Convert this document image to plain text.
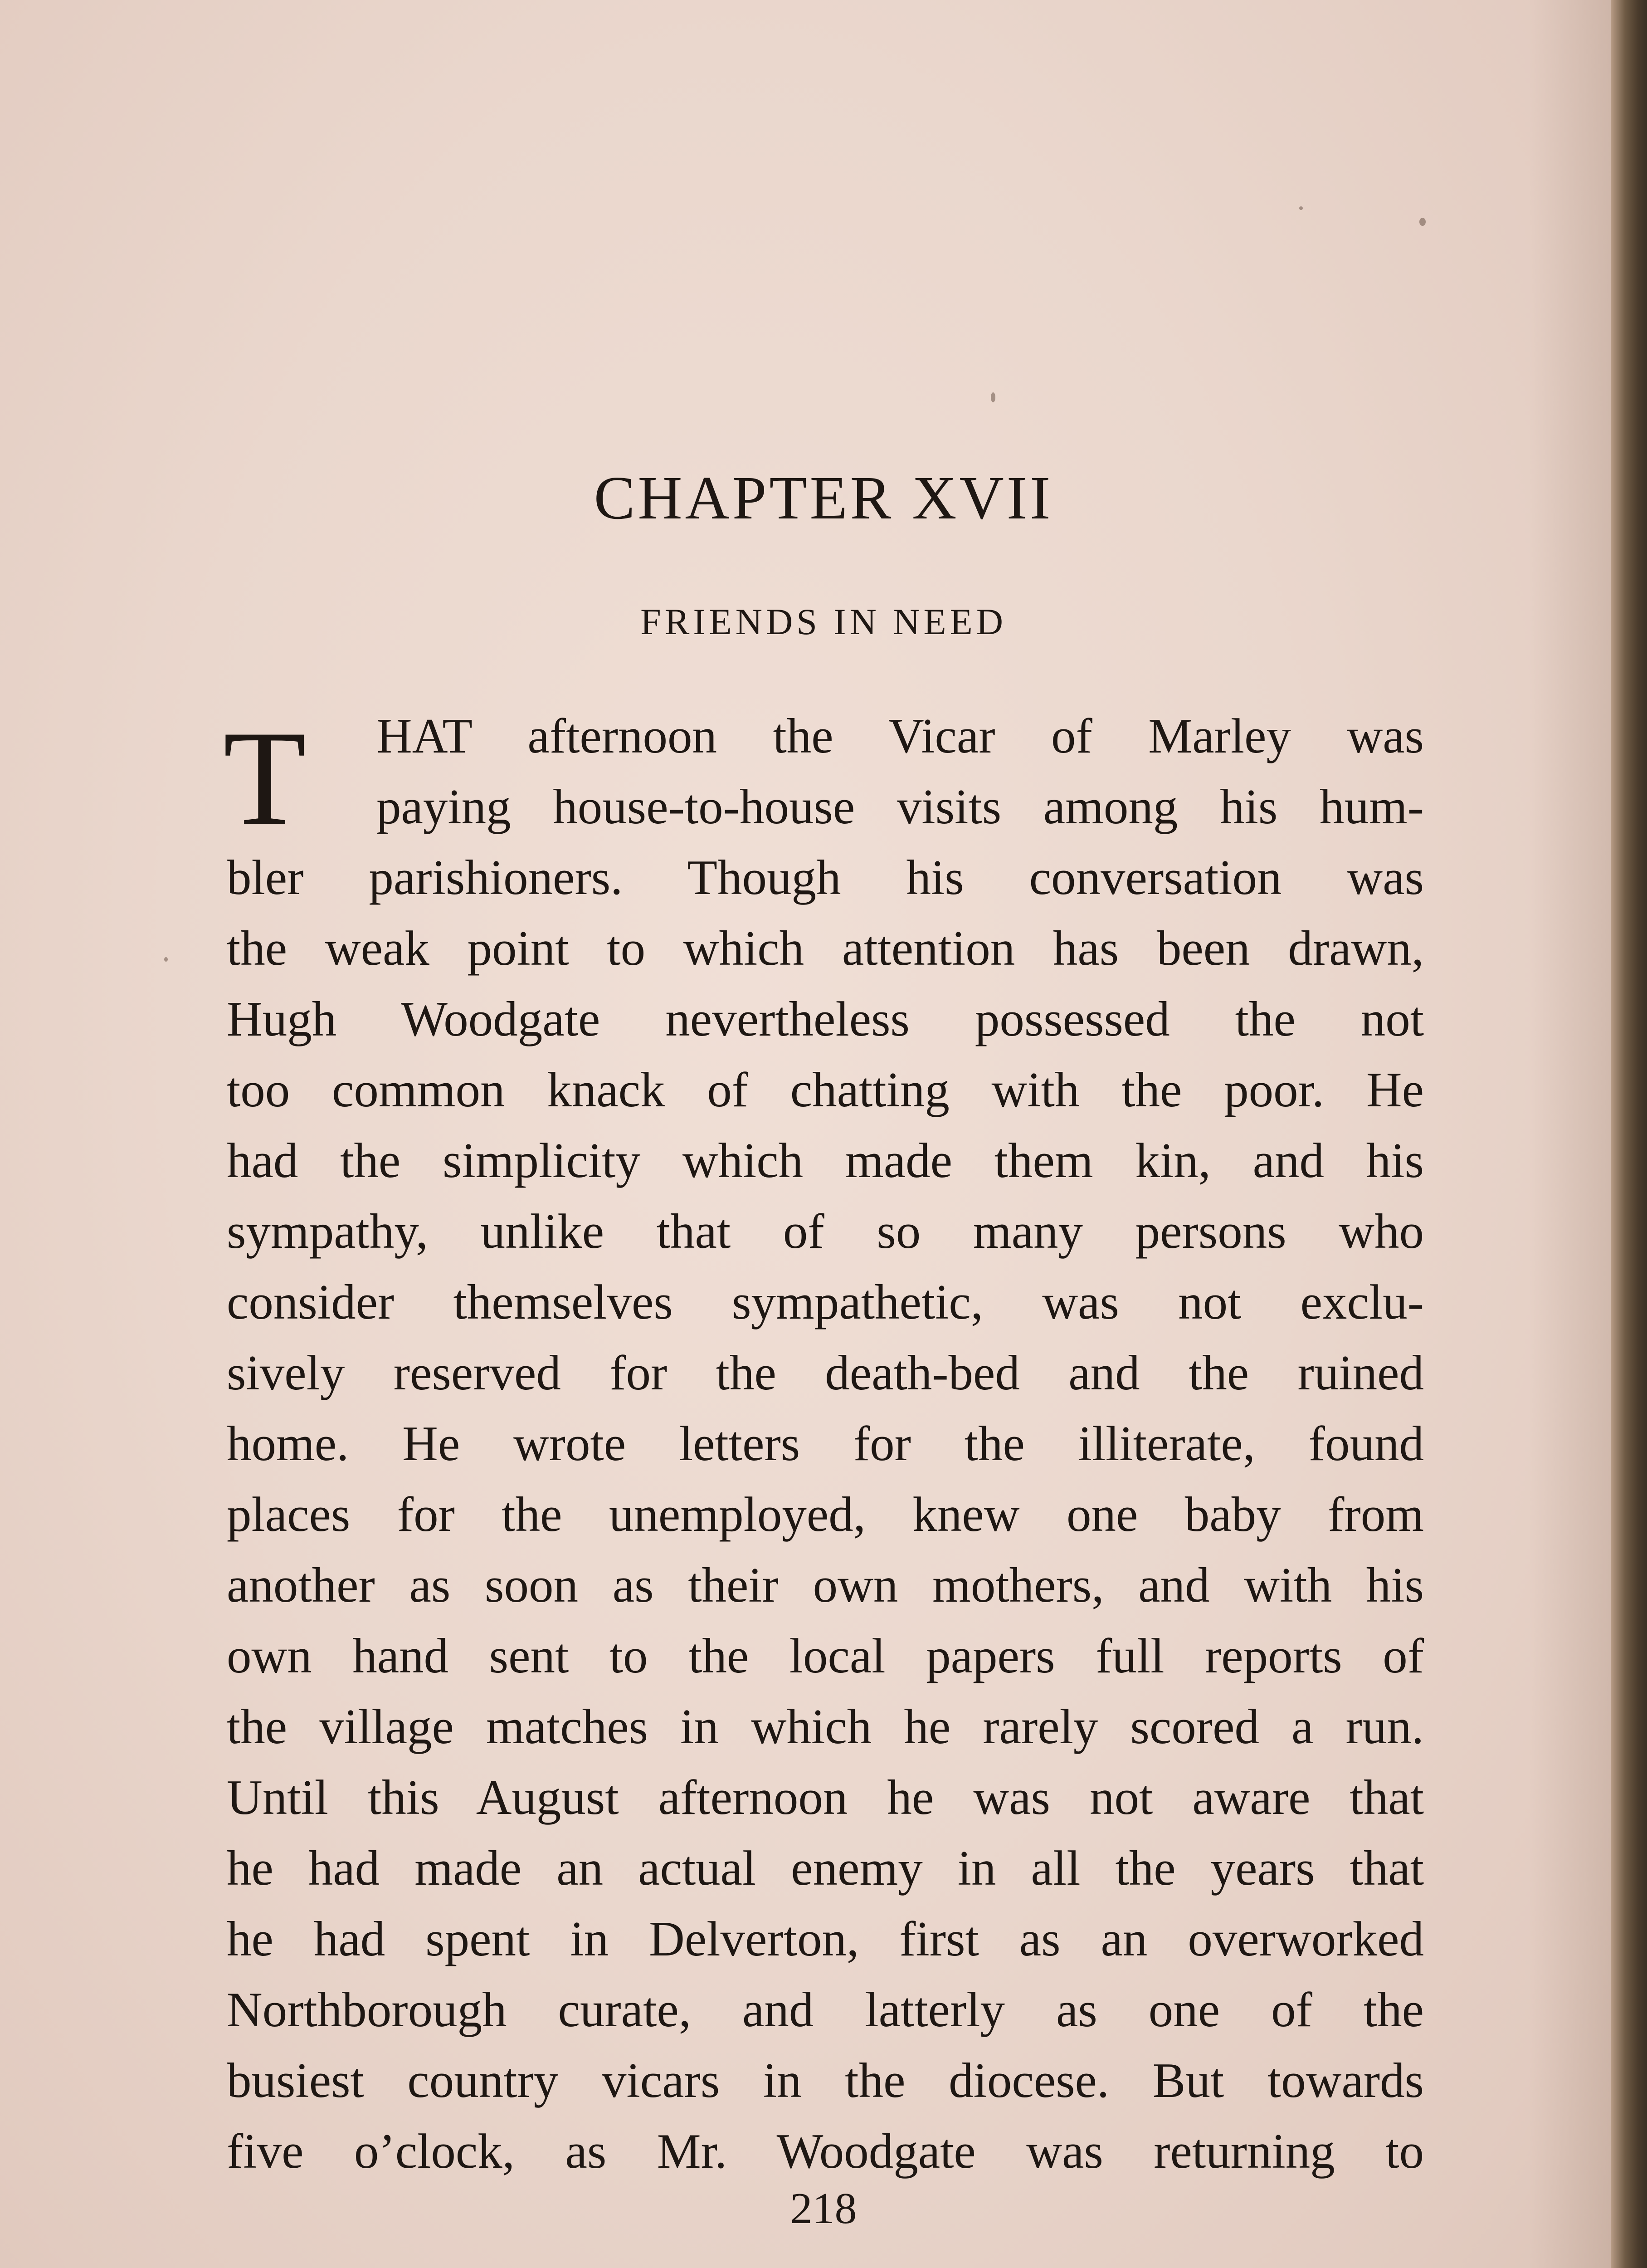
CHAPTER XVII
FRIENDS IN NEED
T	HAT afternoon the Vicar of Marley was
paying house-to-house visits among his hum-
bler parishioners. Though his conversation was
the weak point to which attention has been drawn,
Hugh Woodgate nevertheless possessed the not
too common knack of chatting with the poor. He
had the simplicity which made them kin, and his
sympathy, unlike that of so many persons who
consider themselves sympathetic, was not exclu-
sively reserved for the death-bed and the ruined
home. He wrote letters for the illiterate, found
places for the unemployed, knew one baby from
another as soon as their own mothers, and with his
own hand sent to the local papers full reports of
the village matches in which he rarely scored a run.
Until this August afternoon he was not aware that
he had made an actual enemy in all the years that
he had spent in Delverton, first as an overworked
Northborough curate, and latterly as one of the
busiest country vicars in the diocese. But towards
five o’clock, as Mr. Woodgate was returning to
218
